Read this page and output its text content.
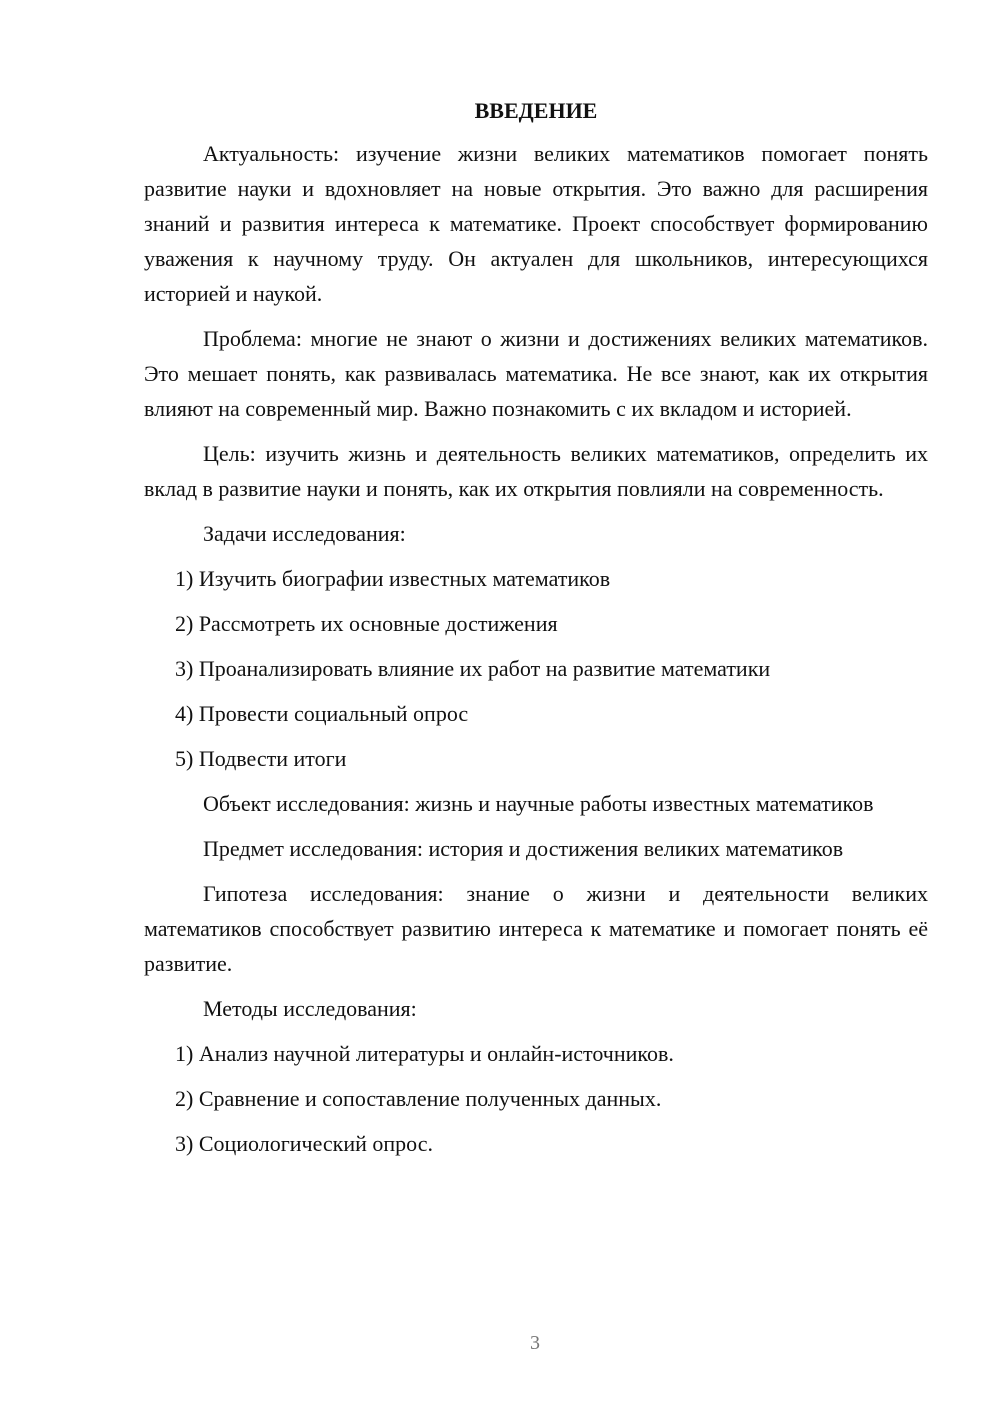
ВВЕДЕНИЕ
Актуальность: изучение жизни великих математиков помогает понять развитие науки и вдохновляет на новые открытия. Это важно для расширения знаний и развития интереса к математике. Проект способствует формированию уважения к научному труду. Он актуален для школьников, интересующихся историей и наукой.
Проблема: многие не знают о жизни и достижениях великих математиков. Это мешает понять, как развивалась математика. Не все знают, как их открытия влияют на современный мир. Важно познакомить с их вкладом и историей.
Цель: изучить жизнь и деятельность великих математиков, определить их вклад в развитие науки и понять, как их открытия повлияли на современность.
Задачи исследования:
1) Изучить биографии известных математиков
2) Рассмотреть их основные достижения
3) Проанализировать влияние их работ на развитие математики
4) Провести социальный опрос
5) Подвести итоги
Объект исследования: жизнь и научные работы известных математиков
Предмет исследования: история и достижения великих математиков
Гипотеза исследования: знание о жизни и деятельности великих математиков способствует развитию интереса к математике и помогает понять её развитие.
Методы исследования:
1) Анализ научной литературы и онлайн-источников.
2) Сравнение и сопоставление полученных данных.
3) Социологический опрос.
3
